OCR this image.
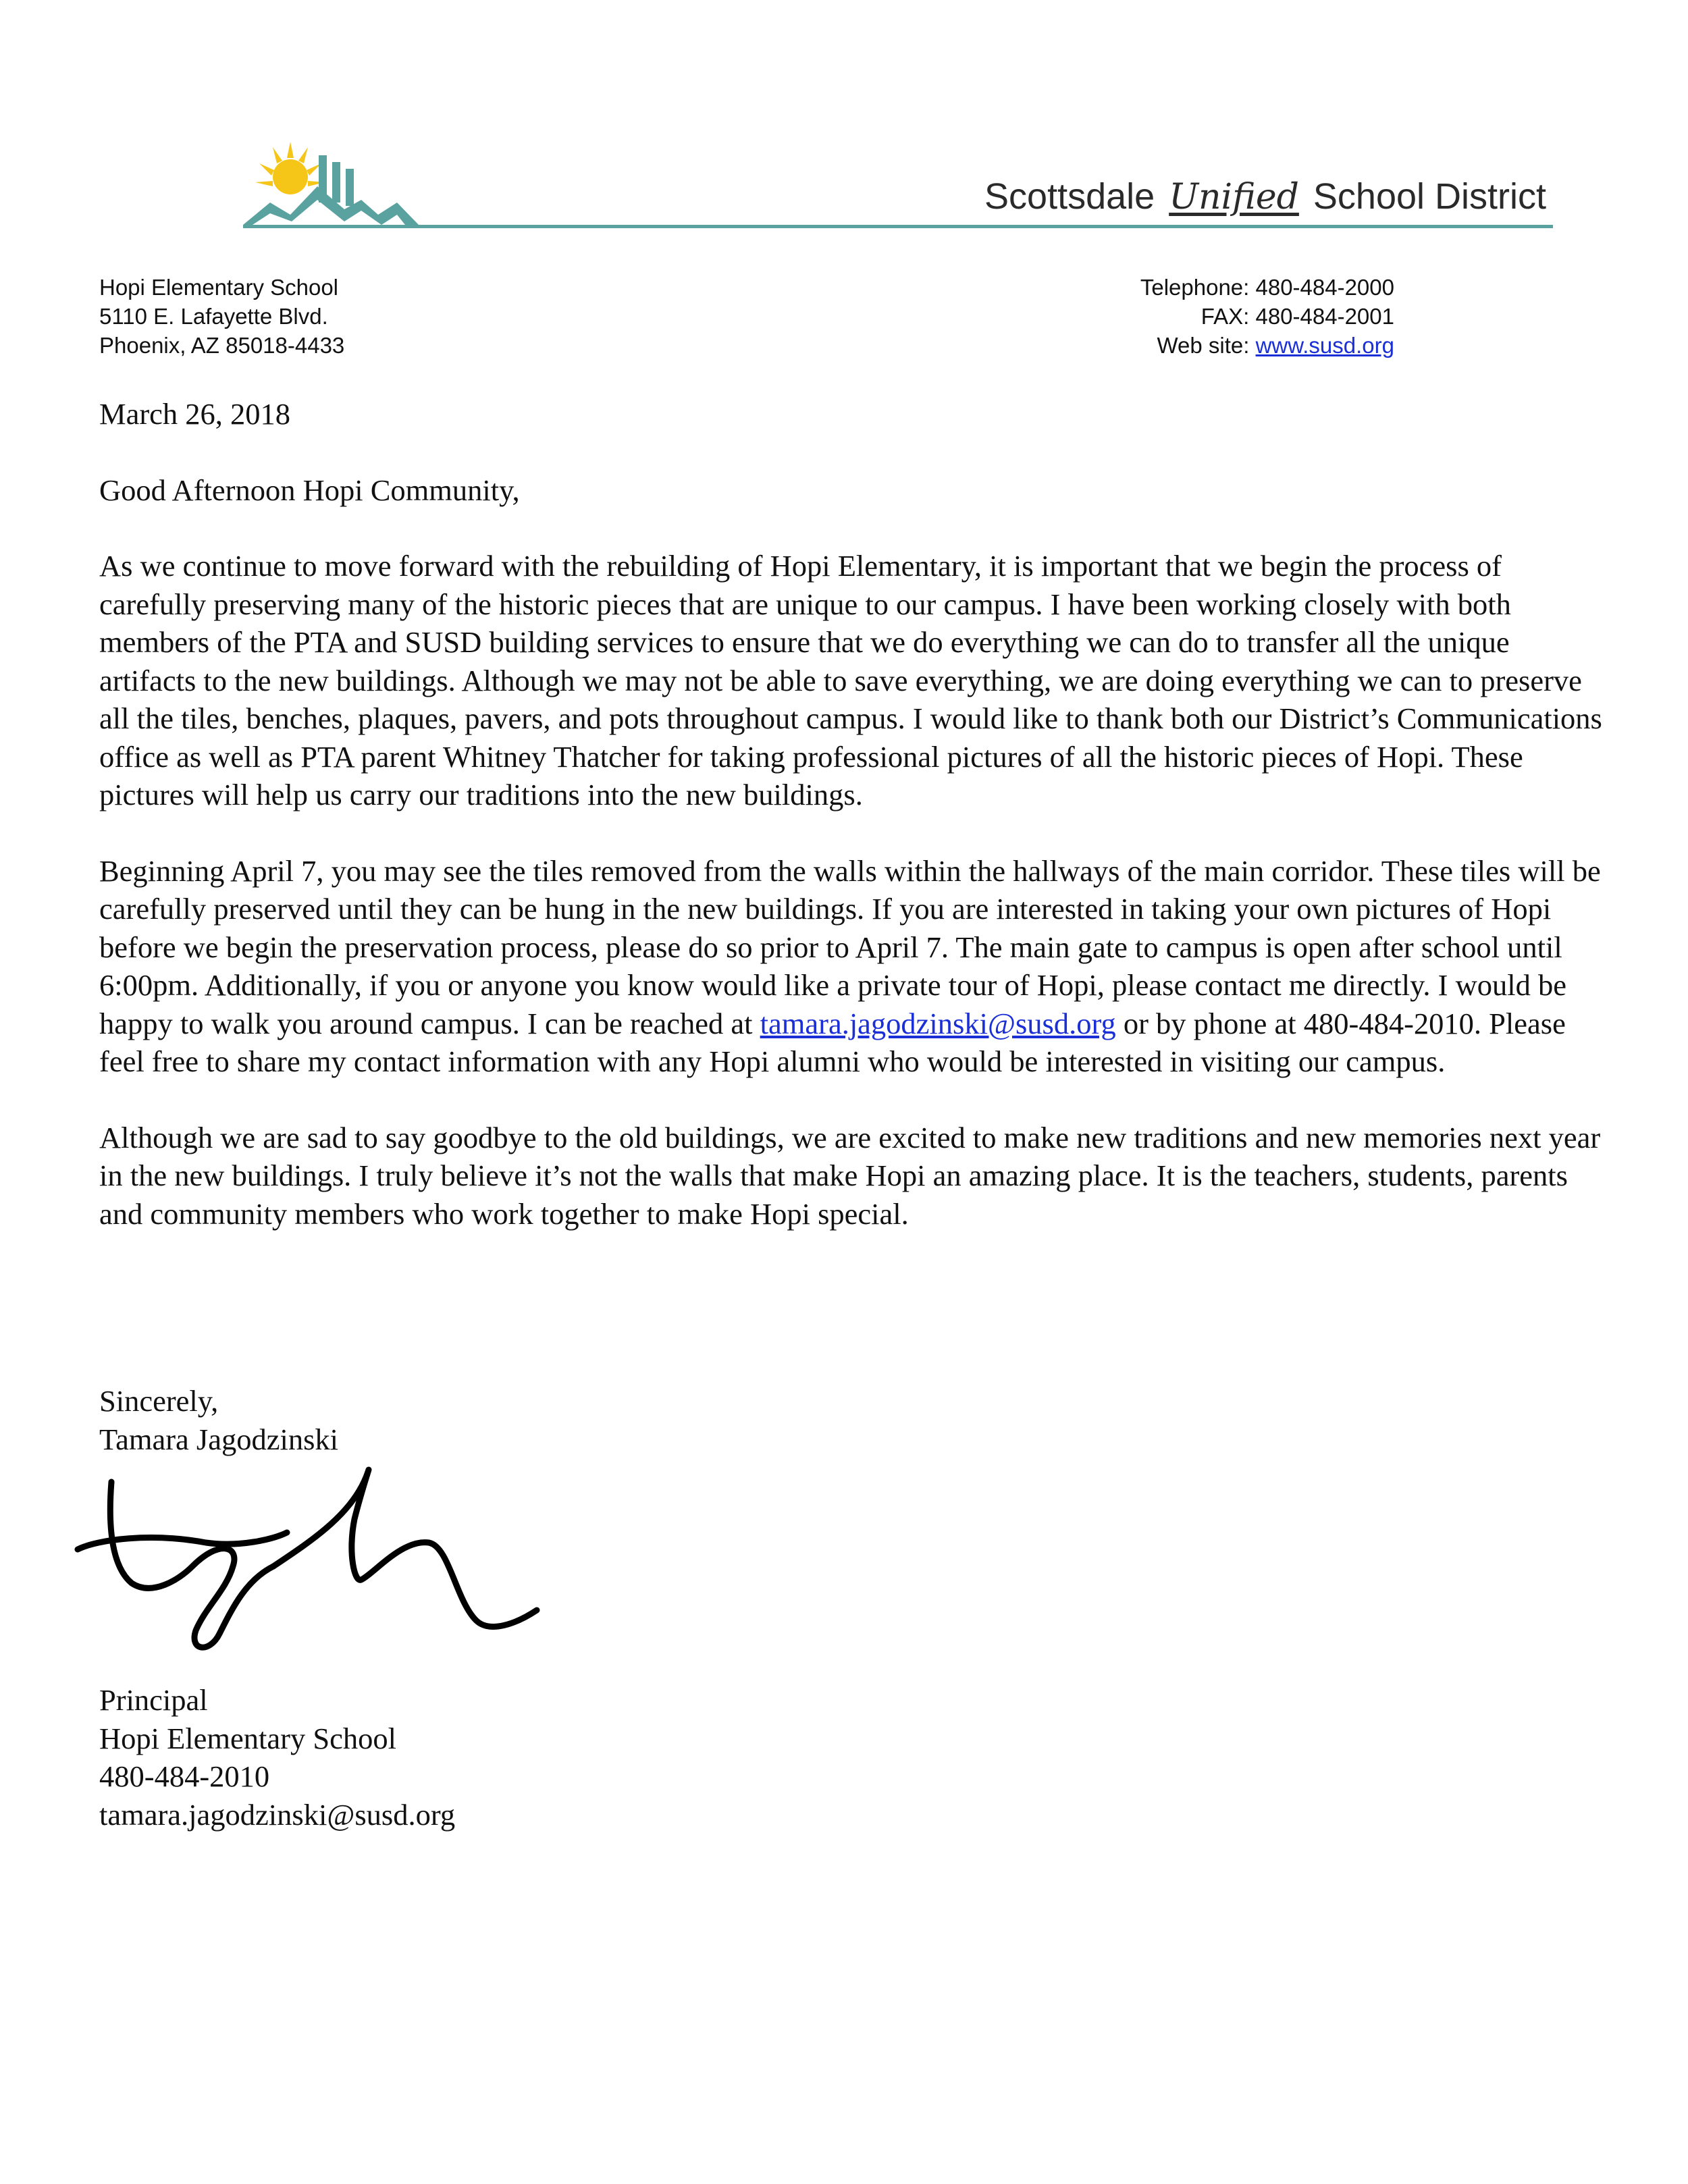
Scottsdale Unified School District
Hopi Elementary School
5110 E. Lafayette Blvd.
Phoenix, AZ 85018-4433
Telephone: 480-484-2000
FAX: 480-484-2001
Web site: www.susd.org

March 26, 2018

Good Afternoon Hopi Community,

As we continue to move forward with the rebuilding of Hopi Elementary, it is important that we begin the process of carefully preserving many of the historic pieces that are unique to our campus. I have been working closely with both members of the PTA and SUSD building services to ensure that we do everything we can do to transfer all the unique artifacts to the new buildings. Although we may not be able to save everything, we are doing everything we can to preserve all the tiles, benches, plaques, pavers, and pots throughout campus. I would like to thank both our District’s Communications office as well as PTA parent Whitney Thatcher for taking professional pictures of all the historic pieces of Hopi. These pictures will help us carry our traditions into the new buildings.

Beginning April 7, you may see the tiles removed from the walls within the hallways of the main corridor. These tiles will be carefully preserved until they can be hung in the new buildings. If you are interested in taking your own pictures of Hopi before we begin the preservation process, please do so prior to April 7. The main gate to campus is open after school until 6:00pm. Additionally, if you or anyone you know would like a private tour of Hopi, please contact me directly. I would be happy to walk you around campus. I can be reached at tamara.jagodzinski@susd.org or by phone at 480-484-2010. Please feel free to share my contact information with any Hopi alumni who would be interested in visiting our campus.

Although we are sad to say goodbye to the old buildings, we are excited to make new traditions and new memories next year in the new buildings. I truly believe it’s not the walls that make Hopi an amazing place. It is the teachers, students, parents and community members who work together to make Hopi special.

Sincerely,
Tamara Jagodzinski
Principal
Hopi Elementary School
480-484-2010
tamara.jagodzinski@susd.org
